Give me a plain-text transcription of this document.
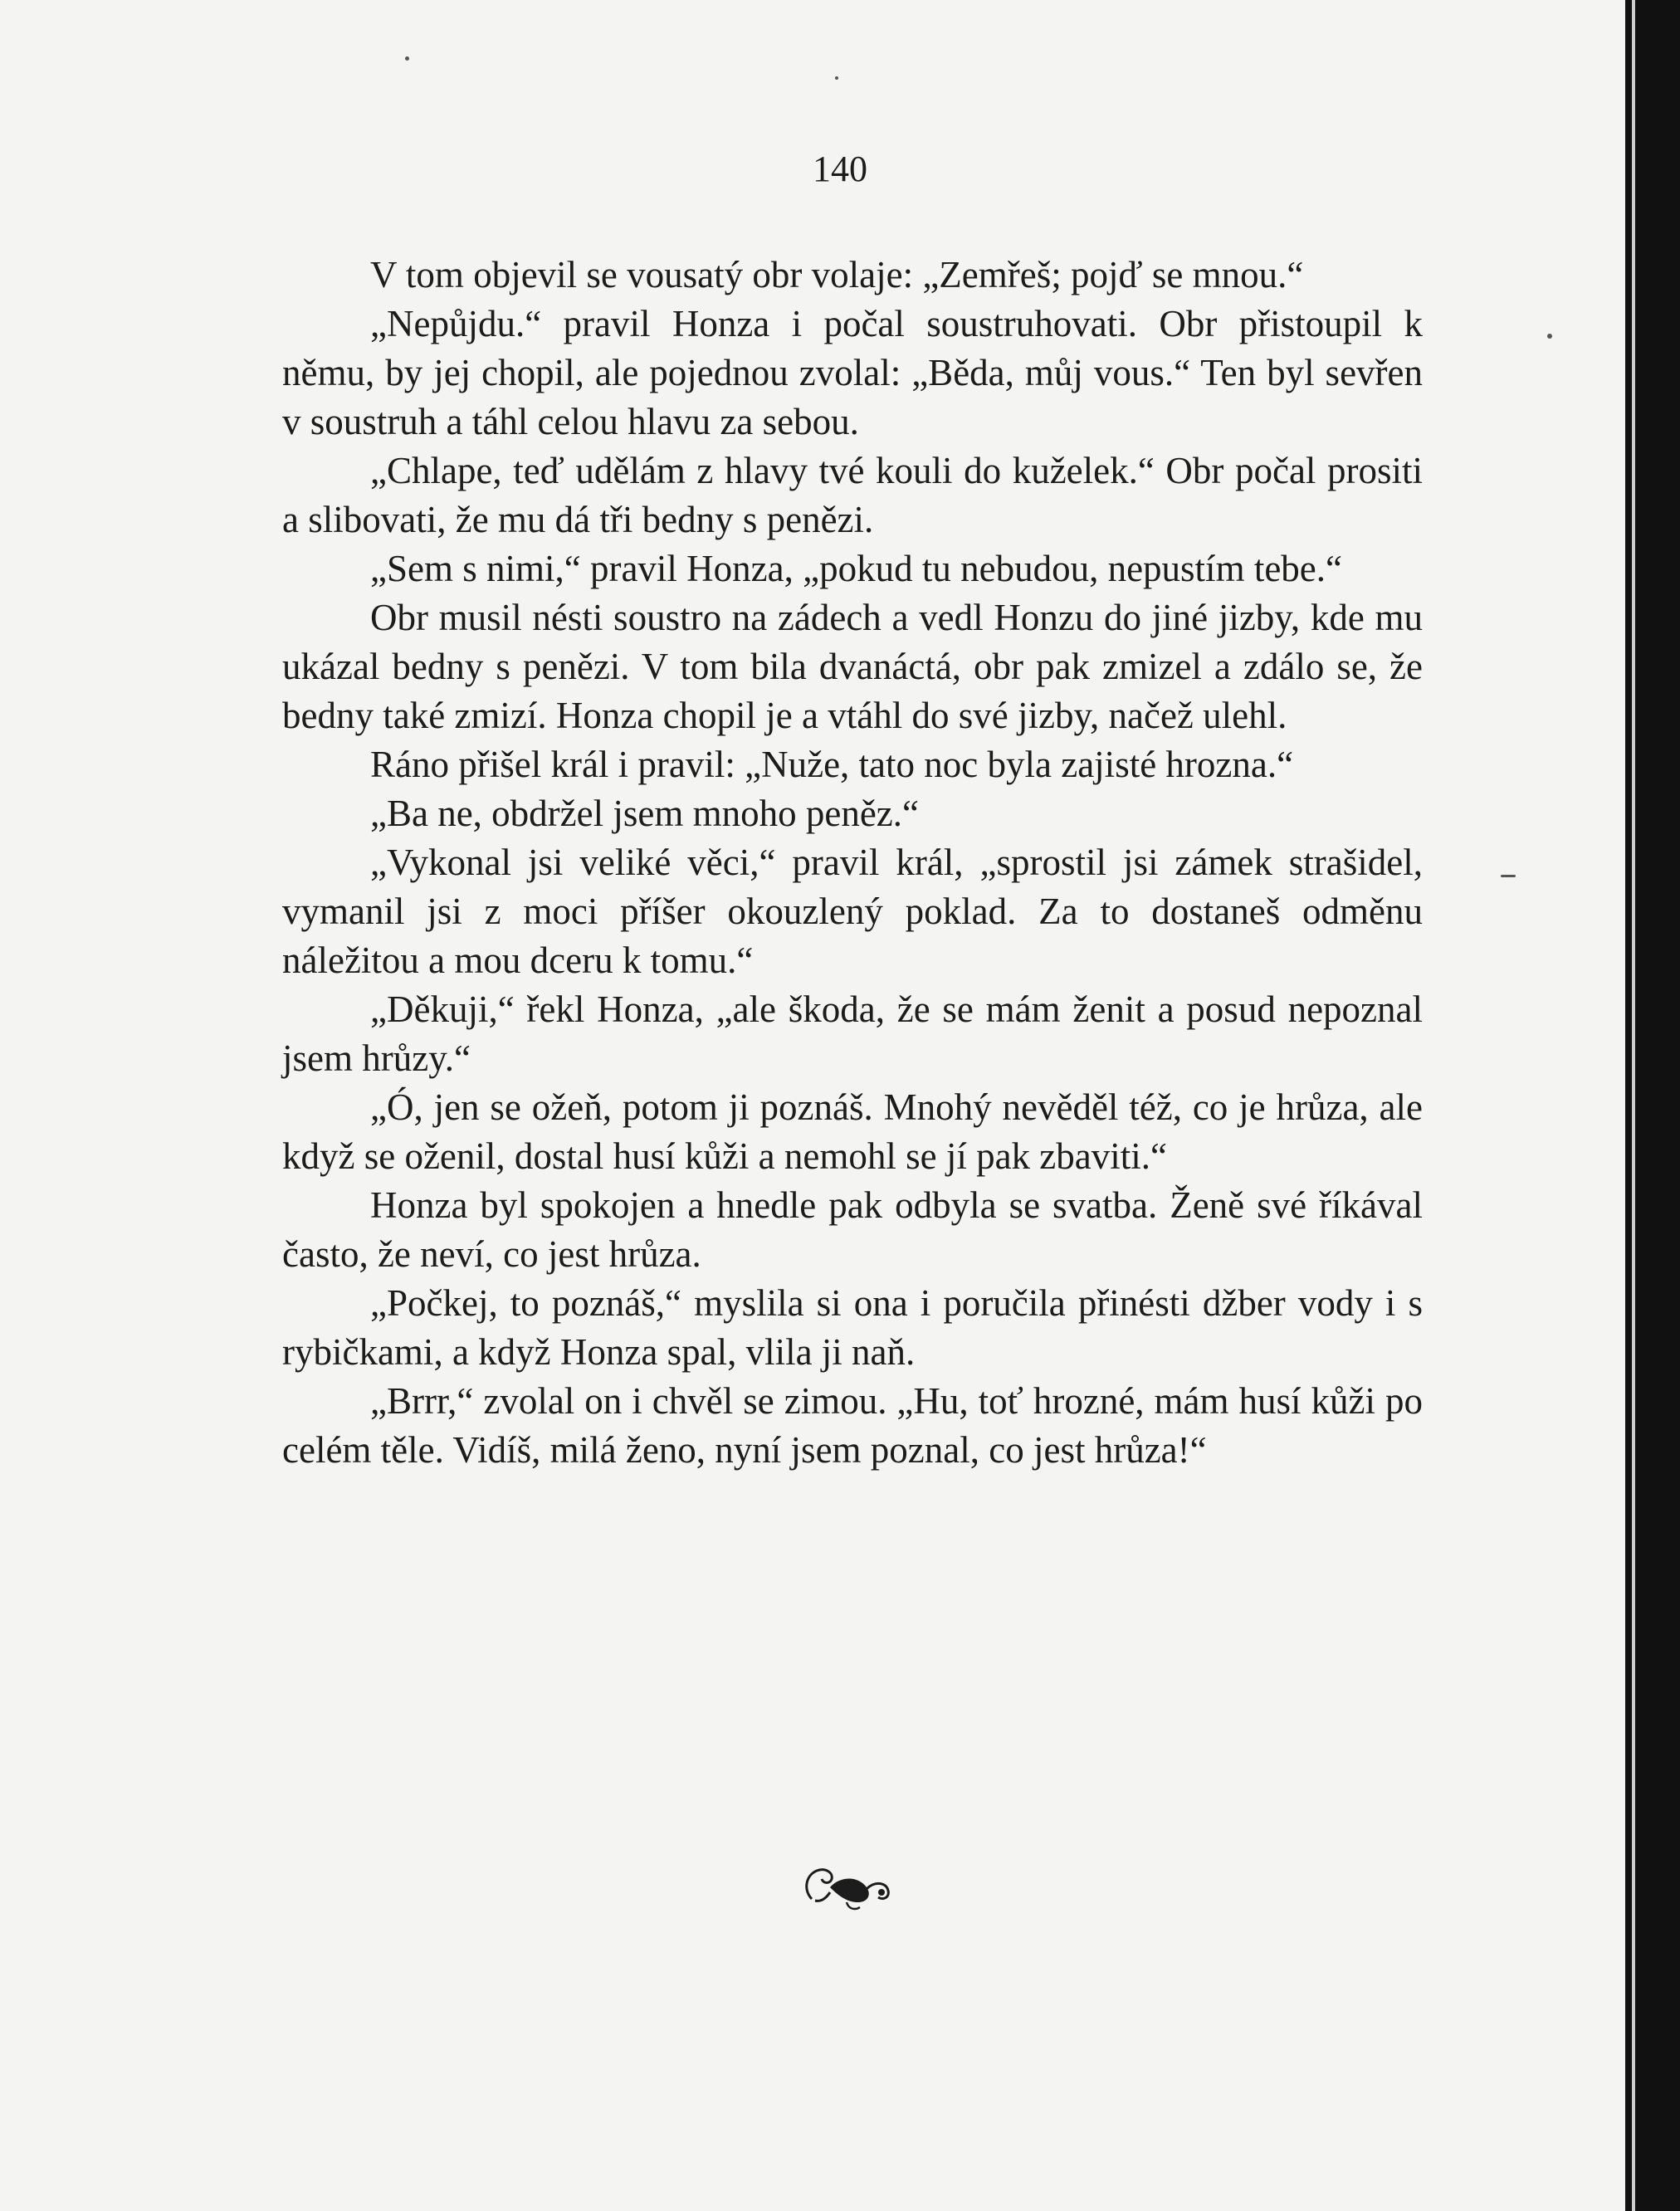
140

V tom objevil se vousatý obr volaje: „Zemřeš; pojď se mnou.“

„Nepůjdu.“ pravil Honza i počal soustruhovati. Obr přistoupil k němu, by jej chopil, ale pojednou zvolal: „Běda, můj vous.“ Ten byl sevřen v soustruh a táhl celou hlavu za sebou.

„Chlape, teď udělám z hlavy tvé kouli do kuželek.“ Obr počal prositi a slibovati, že mu dá tři bedny s penězi.

„Sem s nimi,“ pravil Honza, „pokud tu nebudou, nepustím tebe.“

Obr musil nésti soustro na zádech a vedl Honzu do jiné jizby, kde mu ukázal bedny s penězi. V tom bila dvanáctá, obr pak zmizel a zdálo se, že bedny také zmizí. Honza chopil je a vtáhl do své jizby, načež ulehl.

Ráno přišel král i pravil: „Nuže, tato noc byla zajisté hrozna.“

„Ba ne, obdržel jsem mnoho peněz.“

„Vykonal jsi veliké věci,“ pravil král, „sprostil jsi zámek strašidel, vymanil jsi z moci příšer okouzlený poklad. Za to dostaneš odměnu náležitou a mou dceru k tomu.“

„Děkuji,“ řekl Honza, „ale škoda, že se mám ženit a posud nepoznal jsem hrůzy.“

„Ó, jen se ožeň, potom ji poznáš. Mnohý nevěděl též, co je hrůza, ale když se oženil, dostal husí kůži a nemohl se jí pak zbaviti.“

Honza byl spokojen a hnedle pak odbyla se svatba. Ženě své říkával často, že neví, co jest hrůza.

„Počkej, to poznáš,“ myslila si ona i poručila přinésti džber vody i s rybičkami, a když Honza spal, vlila ji naň.

„Brrr,“ zvolal on i chvěl se zimou. „Hu, toť hrozné, mám husí kůži po celém těle. Vidíš, milá ženo, nyní jsem poznal, co jest hrůza!“
